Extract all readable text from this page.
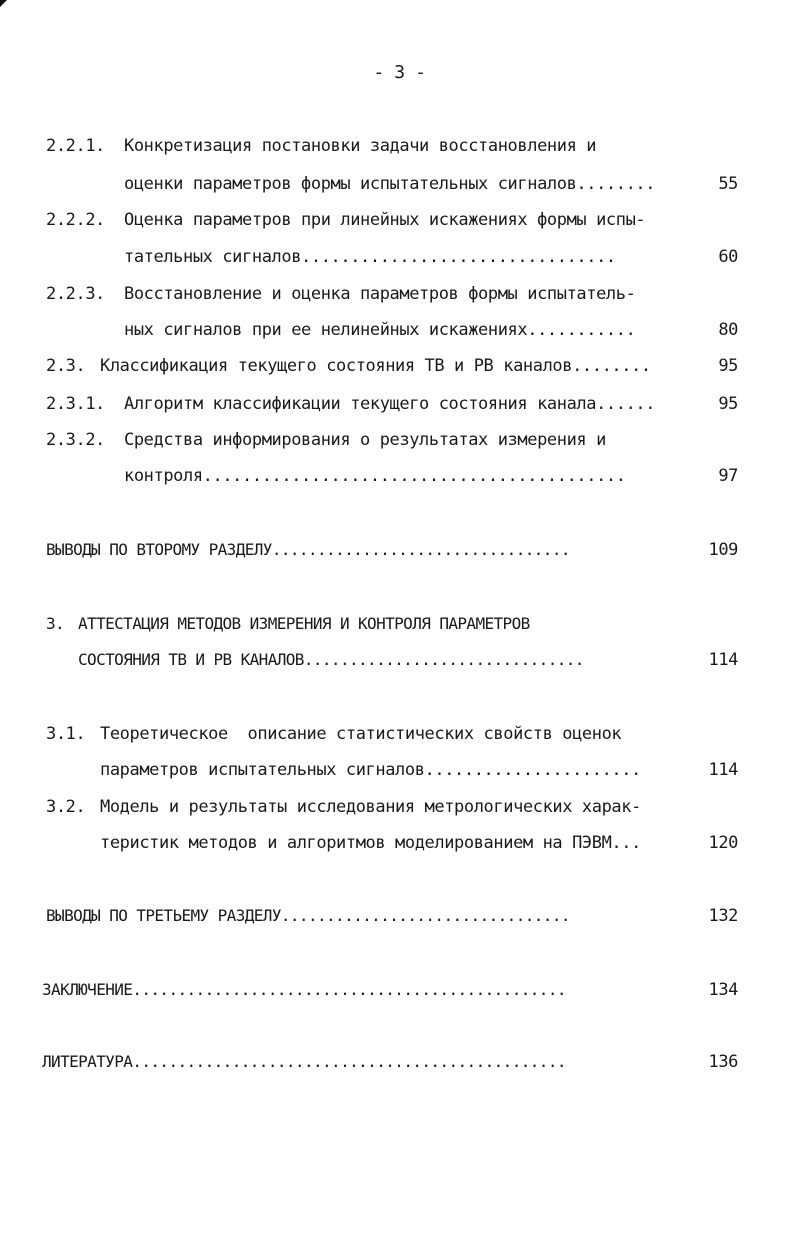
- 3 -
2.2.1. Конкретизация постановки задачи восстановления и
оценки параметров формы испытательных сигналов........	55
2.2.2. Оценка параметров при линейных искажениях формы испы-
тательных сигналов................................	60
2.2.3. Восстановление и оценка параметров формы испытатель-
ных сигналов при ее нелинейных искажениях...........	80
2.3. Классификация текущего состояния ТВ и РВ каналов........	95
2.3.1. Алгоритм классификации текущего состояния канала......	95
2.3.2. Средства информирования о результатах измерения и
контроля...........................................	97
ВЫВОДЫ ПО ВТОРОМУ РАЗДЕЛУ.................................	109
3. АТТЕСТАЦИЯ МЕТОДОВ ИЗМЕРЕНИЯ И КОНТРОЛЯ ПАРАМЕТРОВ
СОСТОЯНИЯ ТВ И РВ КАНАЛОВ...............................	114
3.1. Теоретическое  описание статистических свойств оценок
параметров испытательных сигналов......................	114
3.2. Модель и результаты исследования метрологических харак-
теристик методов и алгоритмов моделированием на ПЭВМ...	120
ВЫВОДЫ ПО ТРЕТЬЕМУ РАЗДЕЛУ................................	132
ЗАКЛЮЧЕНИЕ................................................	134
ЛИТЕРАТУРА................................................	136
